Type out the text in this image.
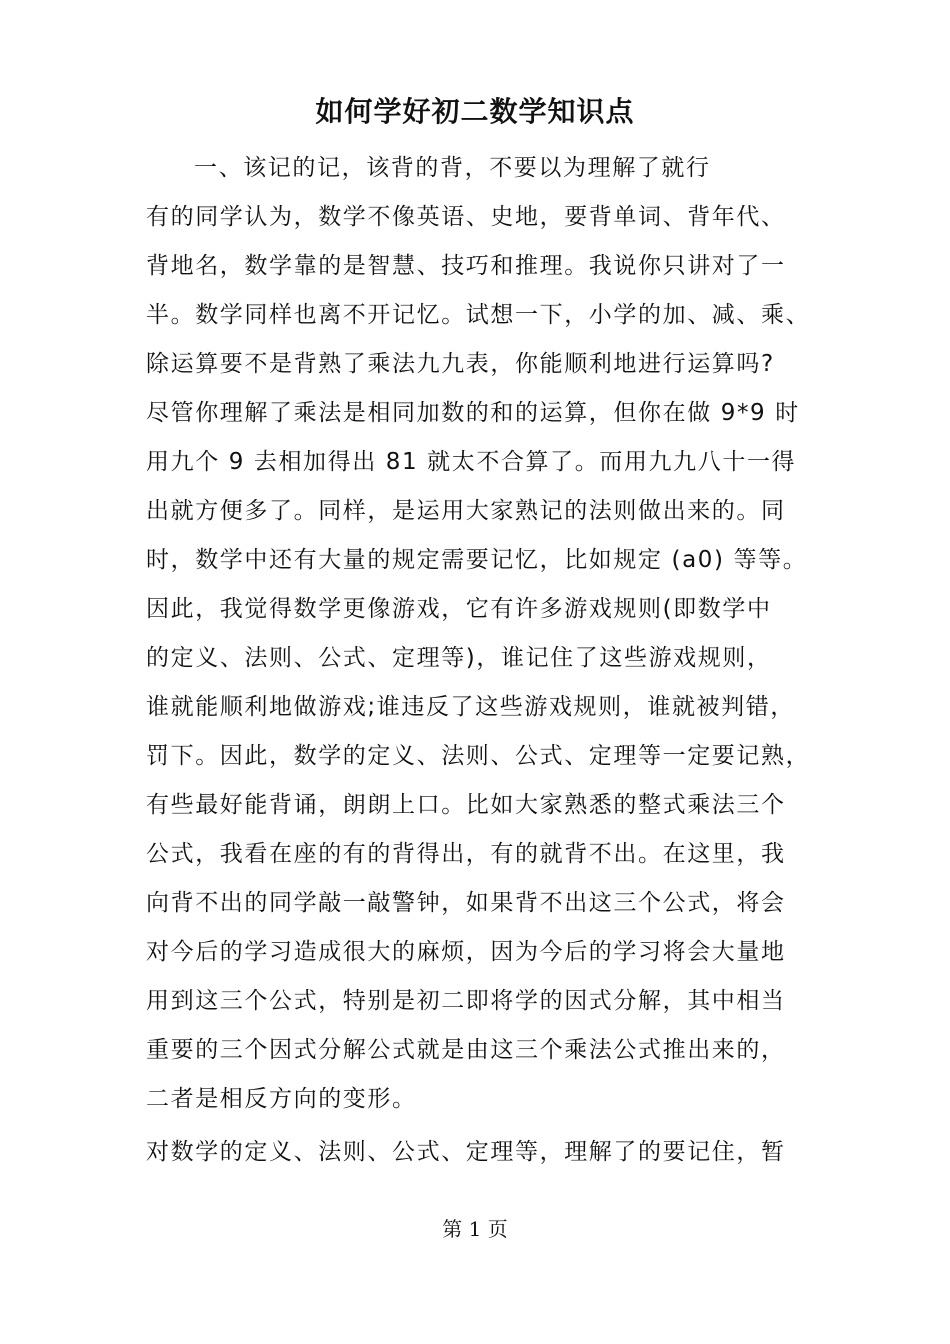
如何学好初二数学知识点
一、该记的记，该背的背，不要以为理解了就行
有的同学认为，数学不像英语、史地，要背单词、背年代、
背地名，数学靠的是智慧、技巧和推理。我说你只讲对了一
半。数学同样也离不开记忆。试想一下，小学的加、减、乘、
除运算要不是背熟了乘法九九表，你能顺利地进行运算吗?
尽管你理解了乘法是相同加数的和的运算，但你在做 9*9 时
用九个 9 去相加得出 81 就太不合算了。而用九九八十一得
出就方便多了。同样，是运用大家熟记的法则做出来的。同
时，数学中还有大量的规定需要记忆，比如规定 (a0) 等等。
因此，我觉得数学更像游戏，它有许多游戏规则(即数学中
的定义、法则、公式、定理等)，谁记住了这些游戏规则，
谁就能顺利地做游戏;谁违反了这些游戏规则，谁就被判错，
罚下。因此，数学的定义、法则、公式、定理等一定要记熟，
有些最好能背诵，朗朗上口。比如大家熟悉的整式乘法三个
公式，我看在座的有的背得出，有的就背不出。在这里，我
向背不出的同学敲一敲警钟，如果背不出这三个公式，将会
对今后的学习造成很大的麻烦，因为今后的学习将会大量地
用到这三个公式，特别是初二即将学的因式分解，其中相当
重要的三个因式分解公式就是由这三个乘法公式推出来的，
二者是相反方向的变形。
对数学的定义、法则、公式、定理等，理解了的要记住，暂
第 1 页
